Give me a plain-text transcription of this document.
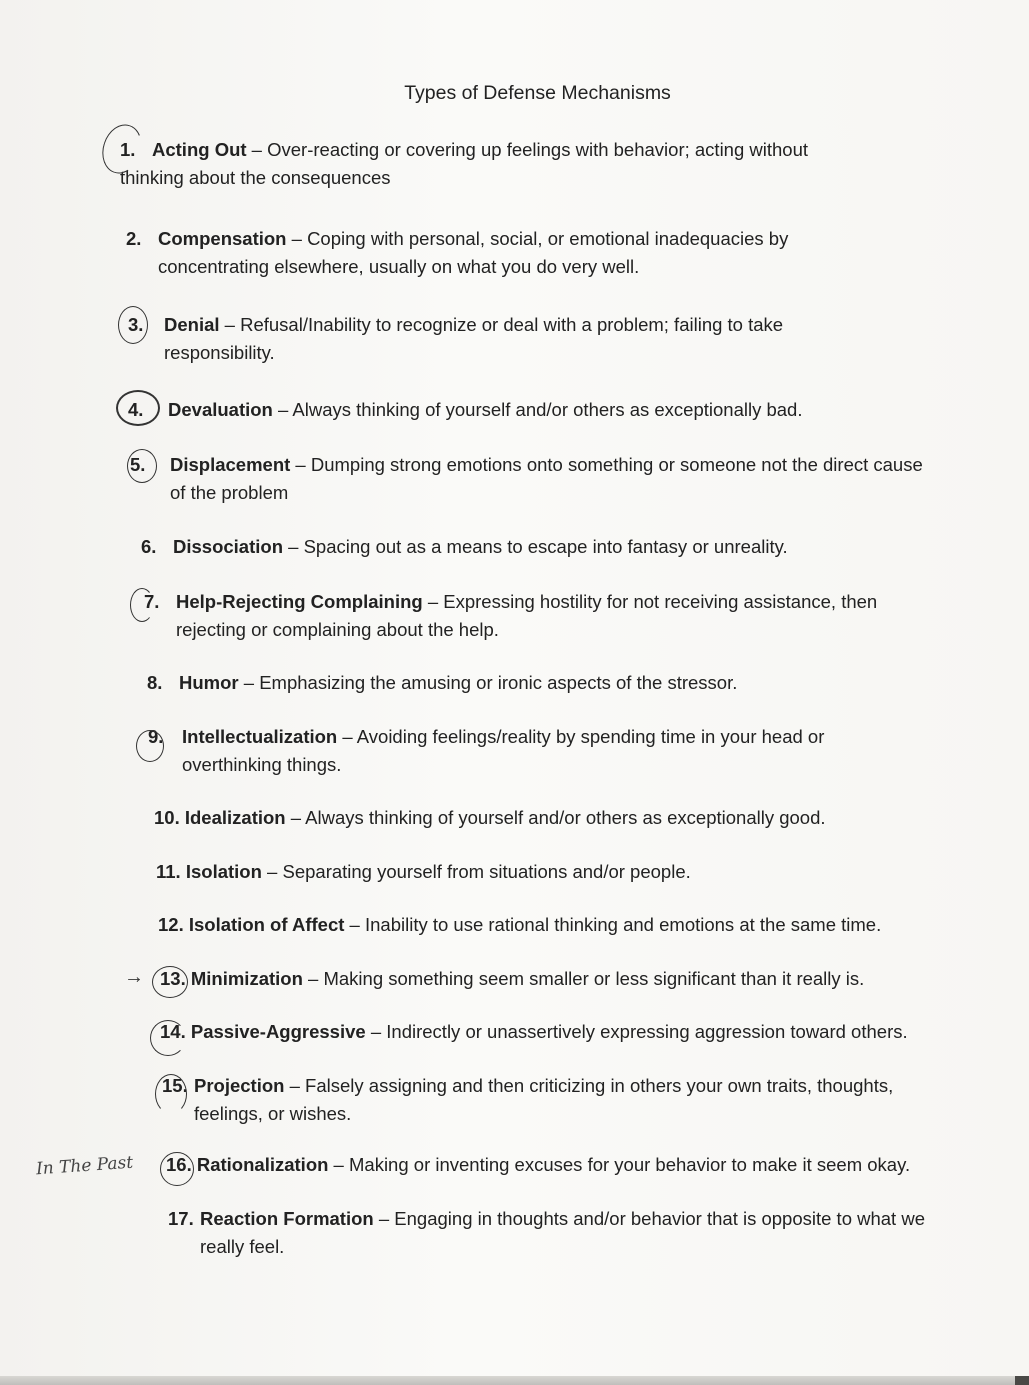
Types of Defense Mechanisms
1. Acting Out – Over-reacting or covering up feelings with behavior; acting without thinking about the consequences
2. Compensation – Coping with personal, social, or emotional inadequacies by concentrating elsewhere, usually on what you do very well.
3. Denial – Refusal/Inability to recognize or deal with a problem; failing to take responsibility.
4. Devaluation – Always thinking of yourself and/or others as exceptionally bad.
5. Displacement – Dumping strong emotions onto something or someone not the direct cause of the problem
6. Dissociation – Spacing out as a means to escape into fantasy or unreality.
7. Help-Rejecting Complaining – Expressing hostility for not receiving assistance, then rejecting or complaining about the help.
8. Humor – Emphasizing the amusing or ironic aspects of the stressor.
9. Intellectualization – Avoiding feelings/reality by spending time in your head or overthinking things.
10. Idealization – Always thinking of yourself and/or others as exceptionally good.
11. Isolation – Separating yourself from situations and/or people.
12. Isolation of Affect – Inability to use rational thinking and emotions at the same time.
→ 13. Minimization – Making something seem smaller or less significant than it really is.
14. Passive-Aggressive – Indirectly or unassertively expressing aggression toward others.
15. Projection – Falsely assigning and then criticizing in others your own traits, thoughts, feelings, or wishes.
In The Past 16. Rationalization – Making or inventing excuses for your behavior to make it seem okay.
17. Reaction Formation – Engaging in thoughts and/or behavior that is opposite to what we really feel.
